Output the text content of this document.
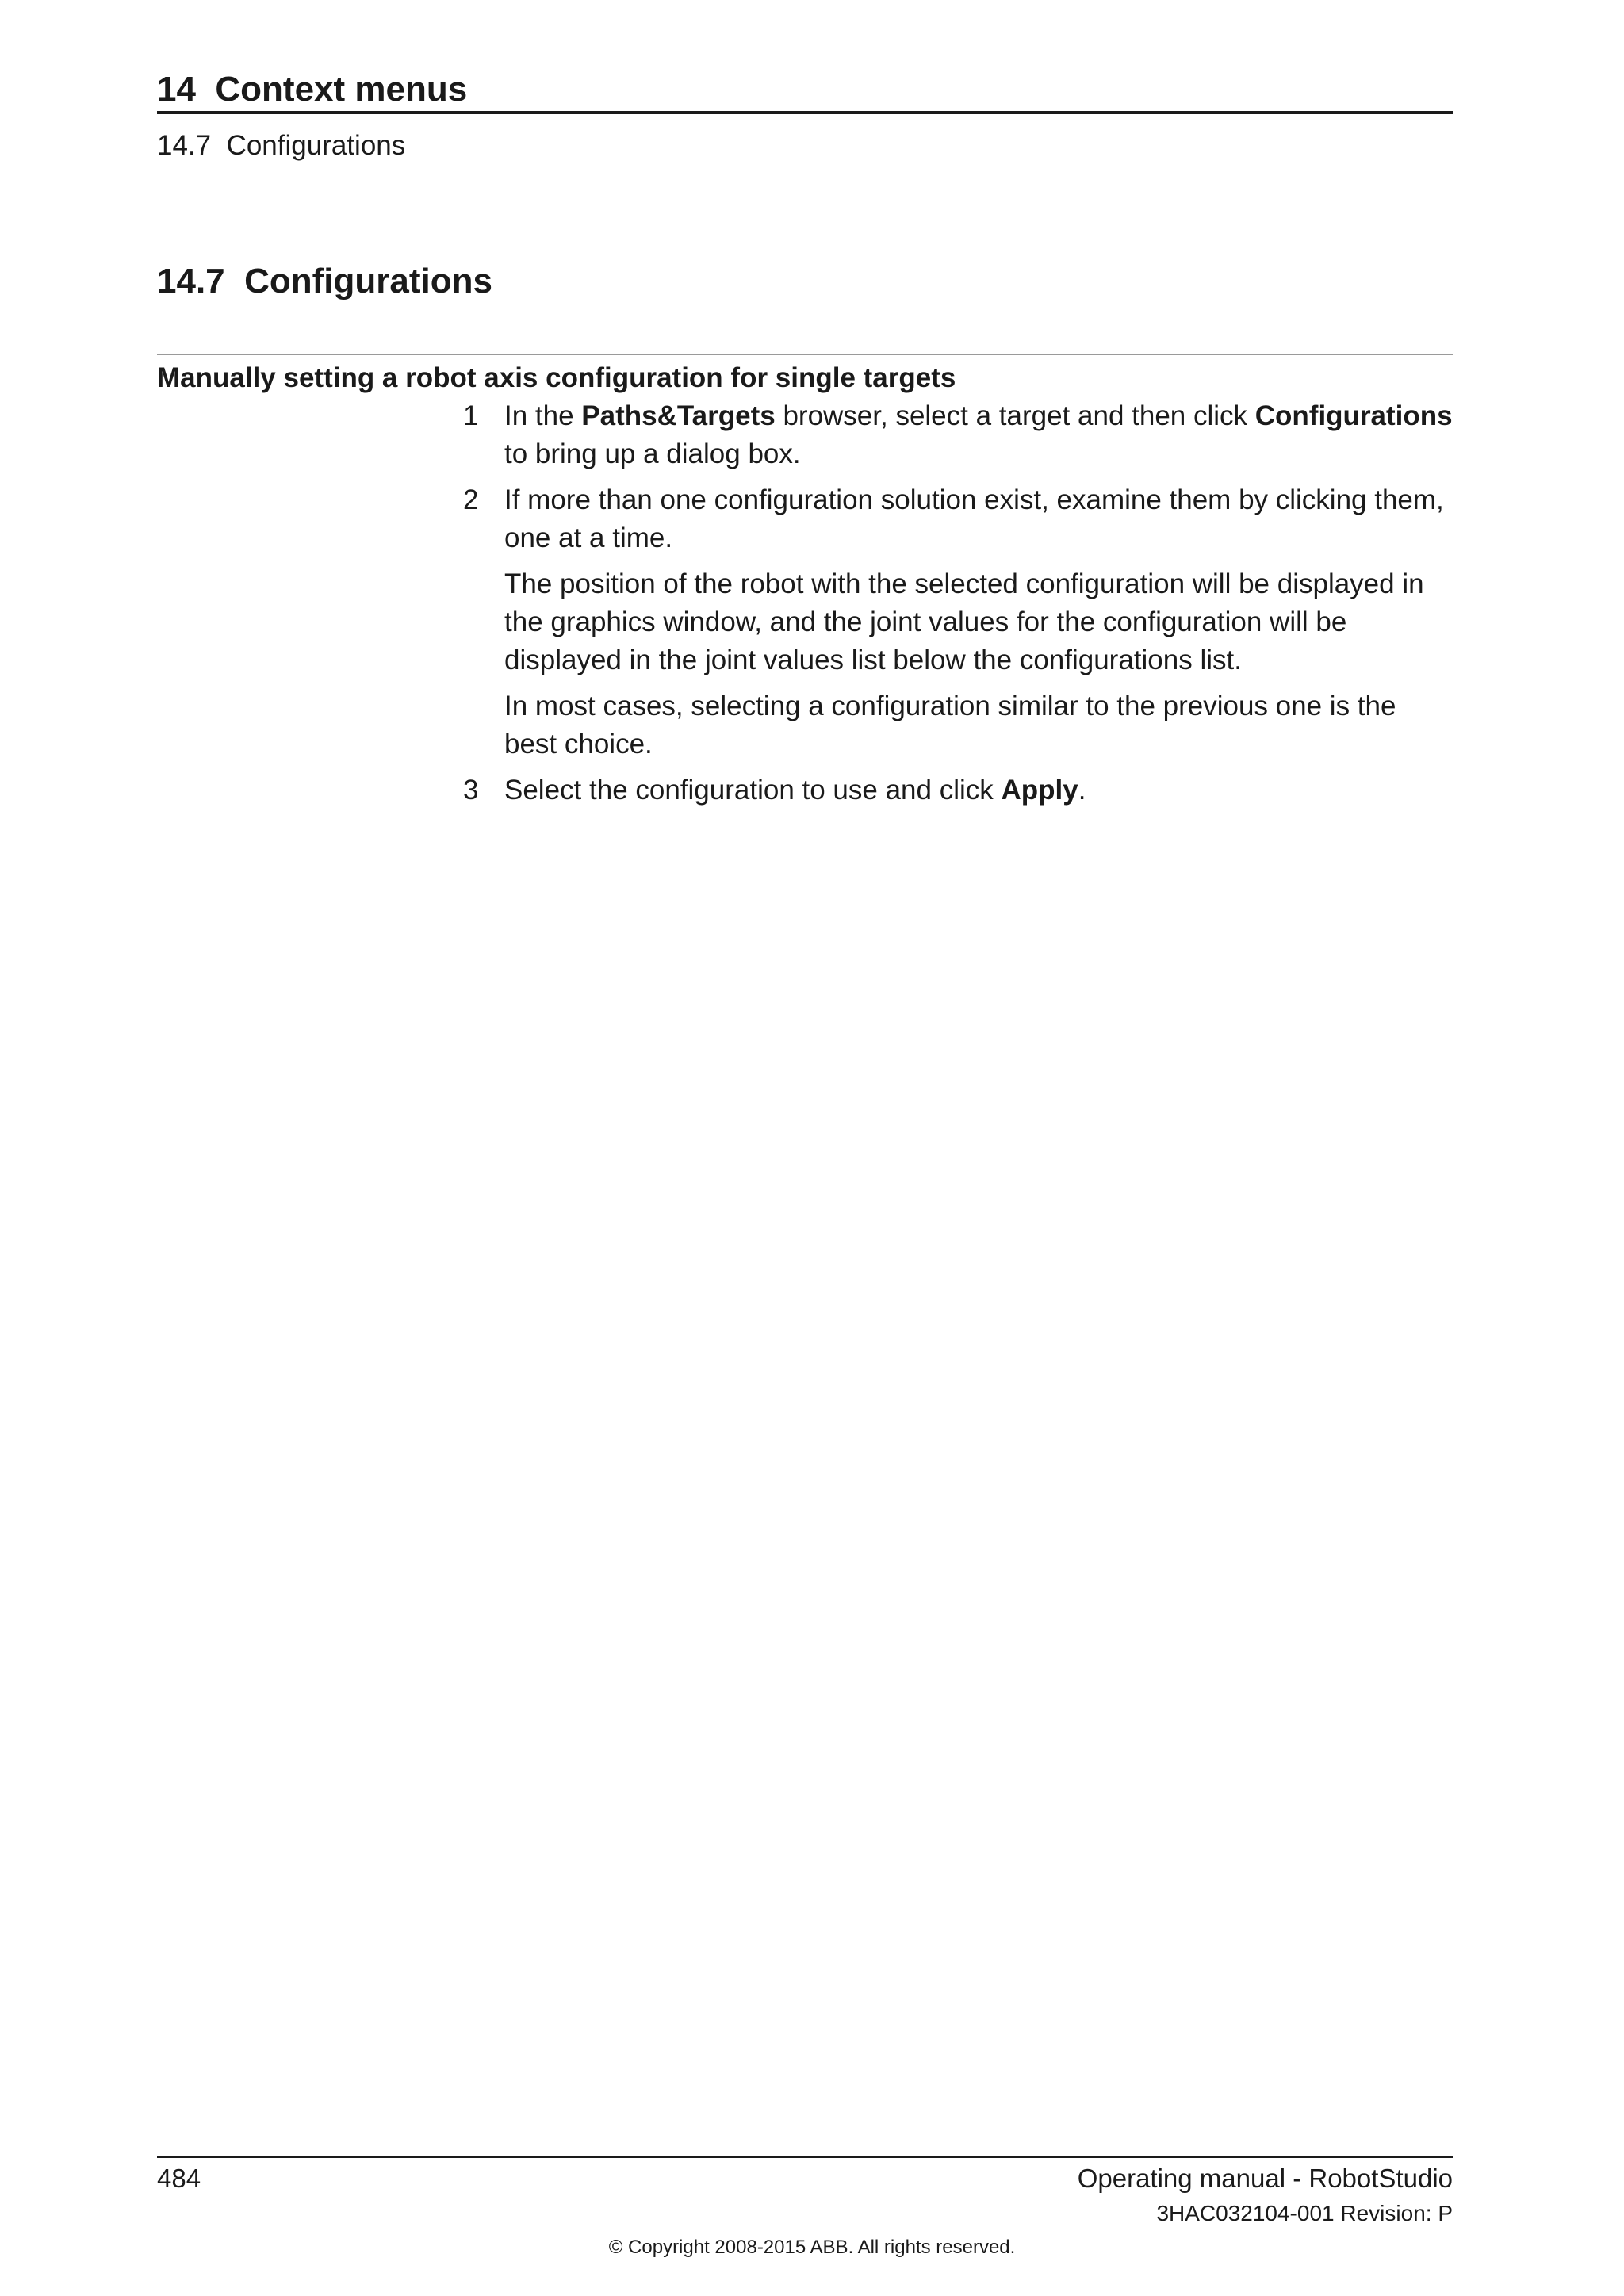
14  Context menus
14.7  Configurations
14.7  Configurations
Manually setting a robot axis configuration for single targets
1 In the Paths&Targets browser, select a target and then click Configurations to bring up a dialog box.

2 If more than one configuration solution exist, examine them by clicking them, one at a time.

The position of the robot with the selected configuration will be displayed in the graphics window, and the joint values for the configuration will be displayed in the joint values list below the configurations list.

In most cases, selecting a configuration similar to the previous one is the best choice.

3 Select the configuration to use and click Apply.

484	Operating manual - RobotStudio
3HAC032104-001 Revision: P
© Copyright 2008-2015 ABB. All rights reserved.
